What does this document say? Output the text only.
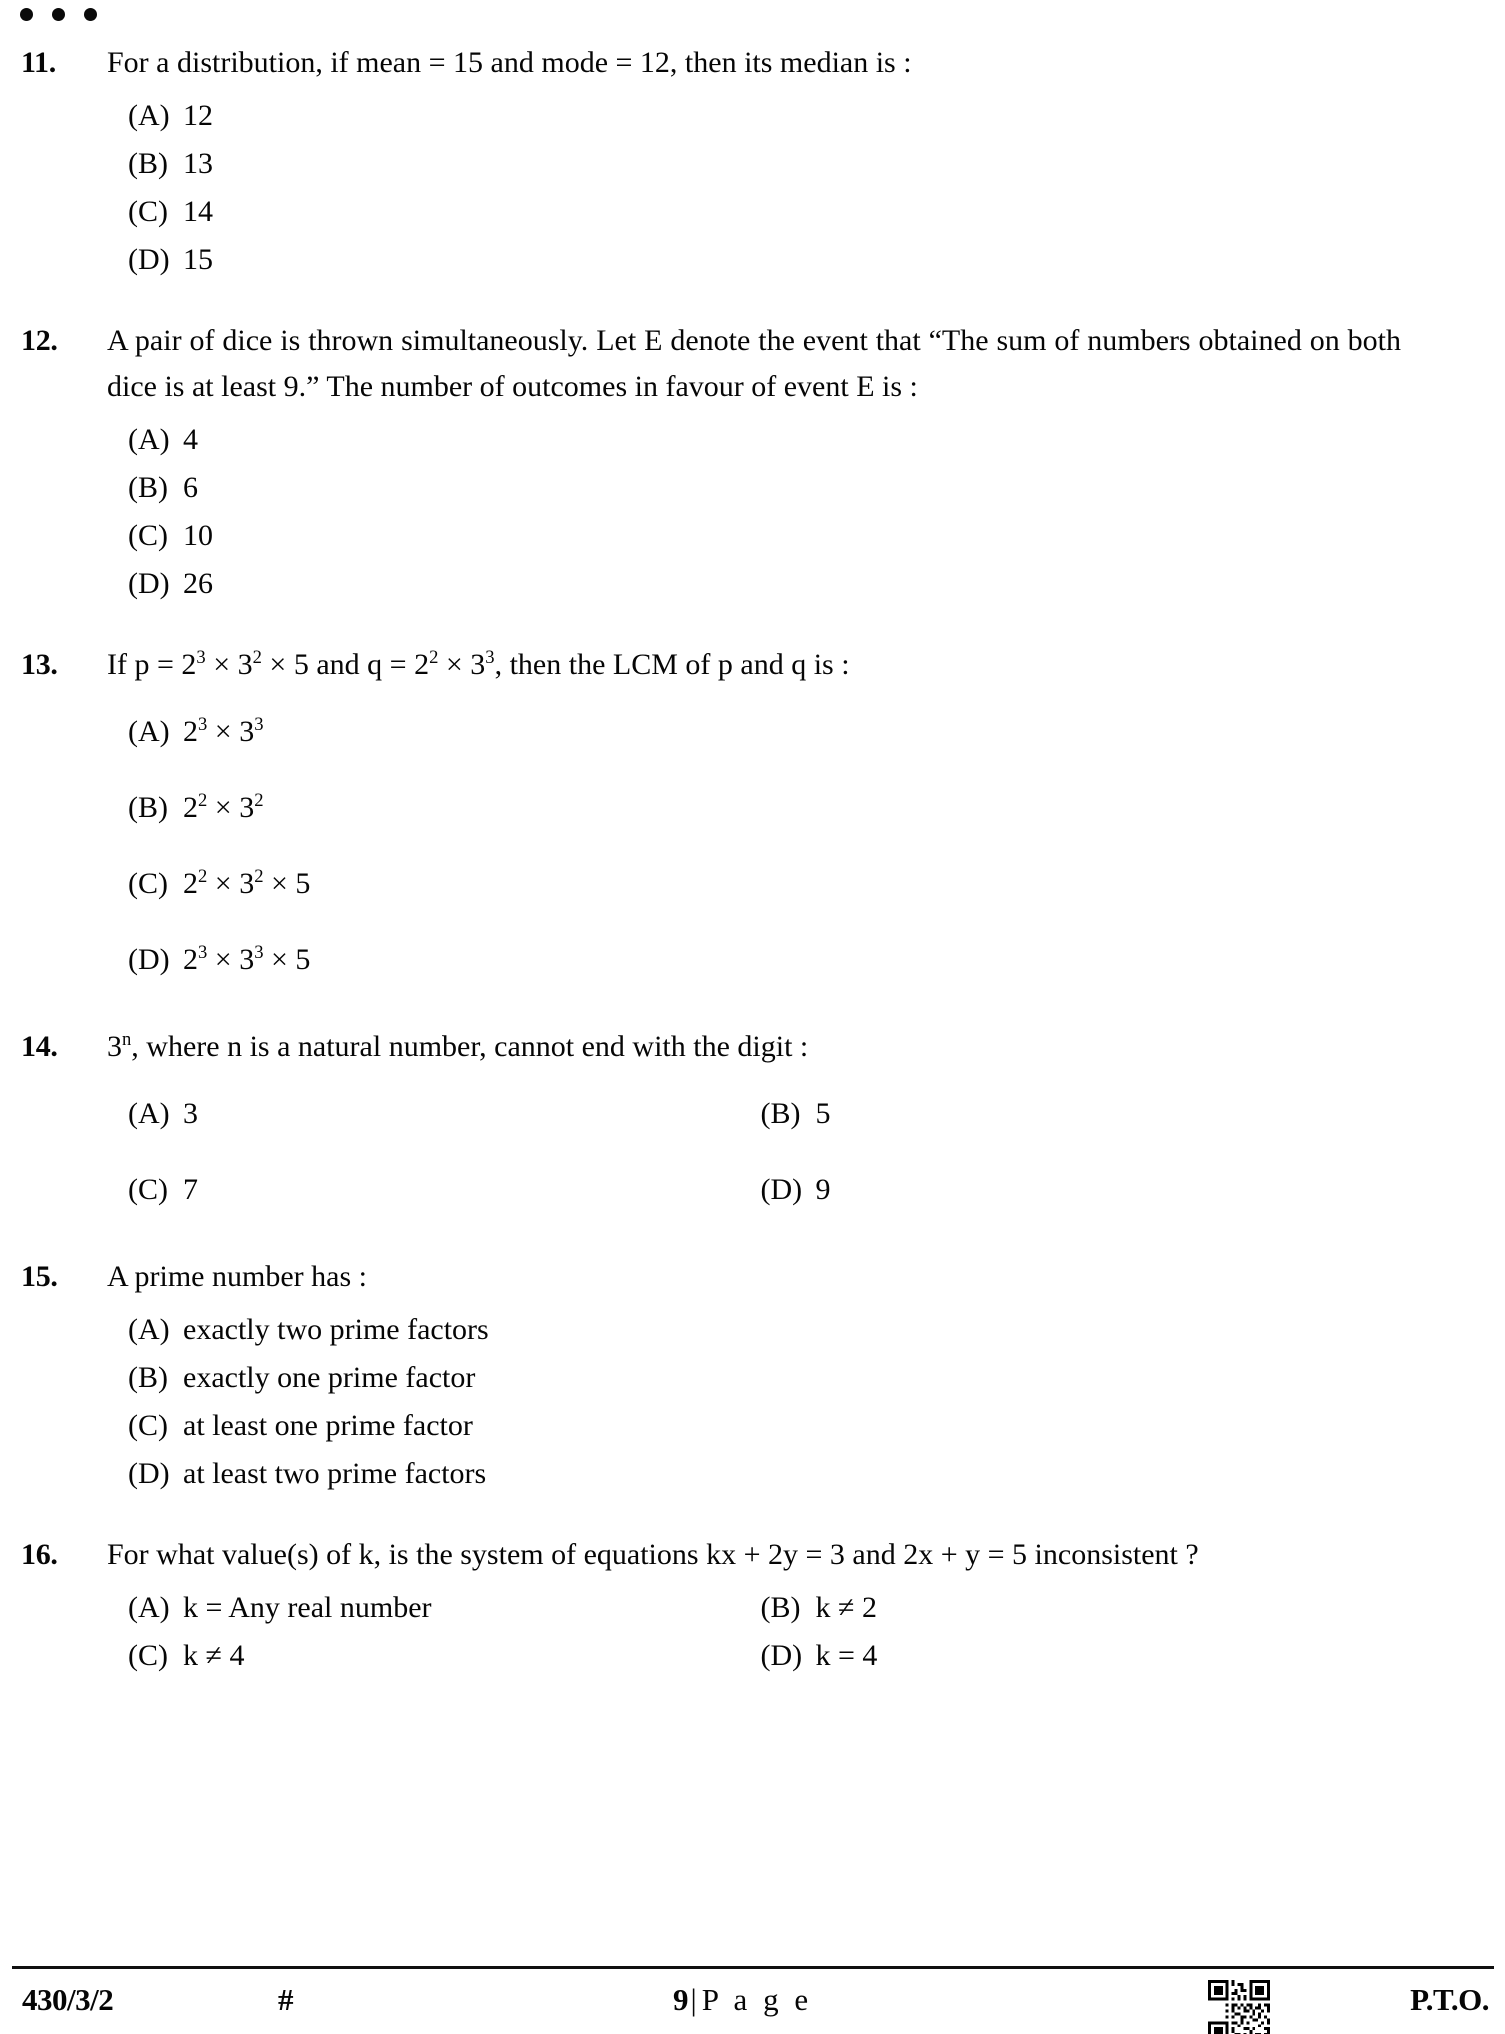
11.	For a distribution, if mean = 15 and mode = 12, then its median is :
(A) 12
(B) 13
(C) 14
(D) 15
12.	A pair of dice is thrown simultaneously. Let E denote the event that “The sum of numbers obtained on both dice is at least 9.” The number of outcomes in favour of event E is :
(A) 4
(B) 6
(C) 10
(D) 26
13.	If $p = 2^3 \times 3^2 \times 5$ and $q = 2^2 \times 3^3$, then the LCM of p and q is :
(A) $2^3 \times 3^3$
(B) $2^2 \times 3^2$
(C) $2^2 \times 3^2 \times 5$
(D) $2^3 \times 3^3 \times 5$
14.	3$^n$, where n is a natural number, cannot end with the digit :
(A) 3	(B) 5
(C) 7	(D) 9
15.	A prime number has :
(A) exactly two prime factors
(B) exactly one prime factor
(C) at least one prime factor
(D) at least two prime factors
16.	For what value(s) of k, is the system of equations kx + 2y = 3 and 2x + y = 5 inconsistent ?
(A) k = Any real number	(B) k ≠ 2
(C) k ≠ 4	(D) k = 4
430/3/2	#	9| P a g e	P.T.O.
